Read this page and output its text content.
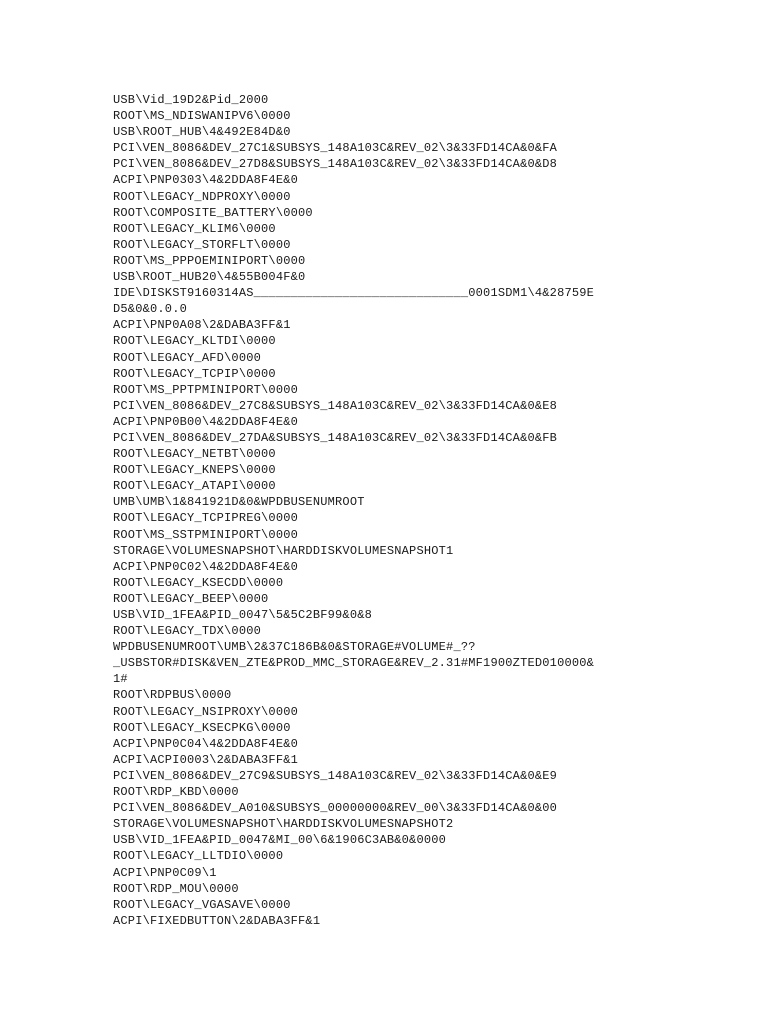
USB\Vid_19D2&Pid_2000
ROOT\MS_NDISWANIPV6\0000
USB\ROOT_HUB\4&492E84D&0
PCI\VEN_8086&DEV_27C1&SUBSYS_148A103C&REV_02\3&33FD14CA&0&FA
PCI\VEN_8086&DEV_27D8&SUBSYS_148A103C&REV_02\3&33FD14CA&0&D8
ACPI\PNP0303\4&2DDA8F4E&0
ROOT\LEGACY_NDPROXY\0000
ROOT\COMPOSITE_BATTERY\0000
ROOT\LEGACY_KLIM6\0000
ROOT\LEGACY_STORFLT\0000
ROOT\MS_PPPOEMINIPORT\0000
USB\ROOT_HUB20\4&55B004F&0
IDE\DISKST9160314AS_____________________________0001SDM1\4&28759E
D5&0&0.0.0
ACPI\PNP0A08\2&DABA3FF&1
ROOT\LEGACY_KLTDI\0000
ROOT\LEGACY_AFD\0000
ROOT\LEGACY_TCPIP\0000
ROOT\MS_PPTPMINIPORT\0000
PCI\VEN_8086&DEV_27C8&SUBSYS_148A103C&REV_02\3&33FD14CA&0&E8
ACPI\PNP0B00\4&2DDA8F4E&0
PCI\VEN_8086&DEV_27DA&SUBSYS_148A103C&REV_02\3&33FD14CA&0&FB
ROOT\LEGACY_NETBT\0000
ROOT\LEGACY_KNEPS\0000
ROOT\LEGACY_ATAPI\0000
UMB\UMB\1&841921D&0&WPDBUSENUMROOT
ROOT\LEGACY_TCPIPREG\0000
ROOT\MS_SSTPMINIPORT\0000
STORAGE\VOLUMESNAPSHOT\HARDDISKVOLUMESNAPSHOT1
ACPI\PNP0C02\4&2DDA8F4E&0
ROOT\LEGACY_KSECDD\0000
ROOT\LEGACY_BEEP\0000
USB\VID_1FEA&PID_0047\5&5C2BF99&0&8
ROOT\LEGACY_TDX\0000
WPDBUSENUMROOT\UMB\2&37C186B&0&STORAGE#VOLUME#_??
_USBSTOR#DISK&VEN_ZTE&PROD_MMC_STORAGE&REV_2.31#MF1900ZTED010000&
1#
ROOT\RDPBUS\0000
ROOT\LEGACY_NSIPROXY\0000
ROOT\LEGACY_KSECPKG\0000
ACPI\PNP0C04\4&2DDA8F4E&0
ACPI\ACPI0003\2&DABA3FF&1
PCI\VEN_8086&DEV_27C9&SUBSYS_148A103C&REV_02\3&33FD14CA&0&E9
ROOT\RDP_KBD\0000
PCI\VEN_8086&DEV_A010&SUBSYS_00000000&REV_00\3&33FD14CA&0&00
STORAGE\VOLUMESNAPSHOT\HARDDISKVOLUMESNAPSHOT2
USB\VID_1FEA&PID_0047&MI_00\6&1906C3AB&0&0000
ROOT\LEGACY_LLTDIO\0000
ACPI\PNP0C09\1
ROOT\RDP_MOU\0000
ROOT\LEGACY_VGASAVE\0000
ACPI\FIXEDBUTTON\2&DABA3FF&1
